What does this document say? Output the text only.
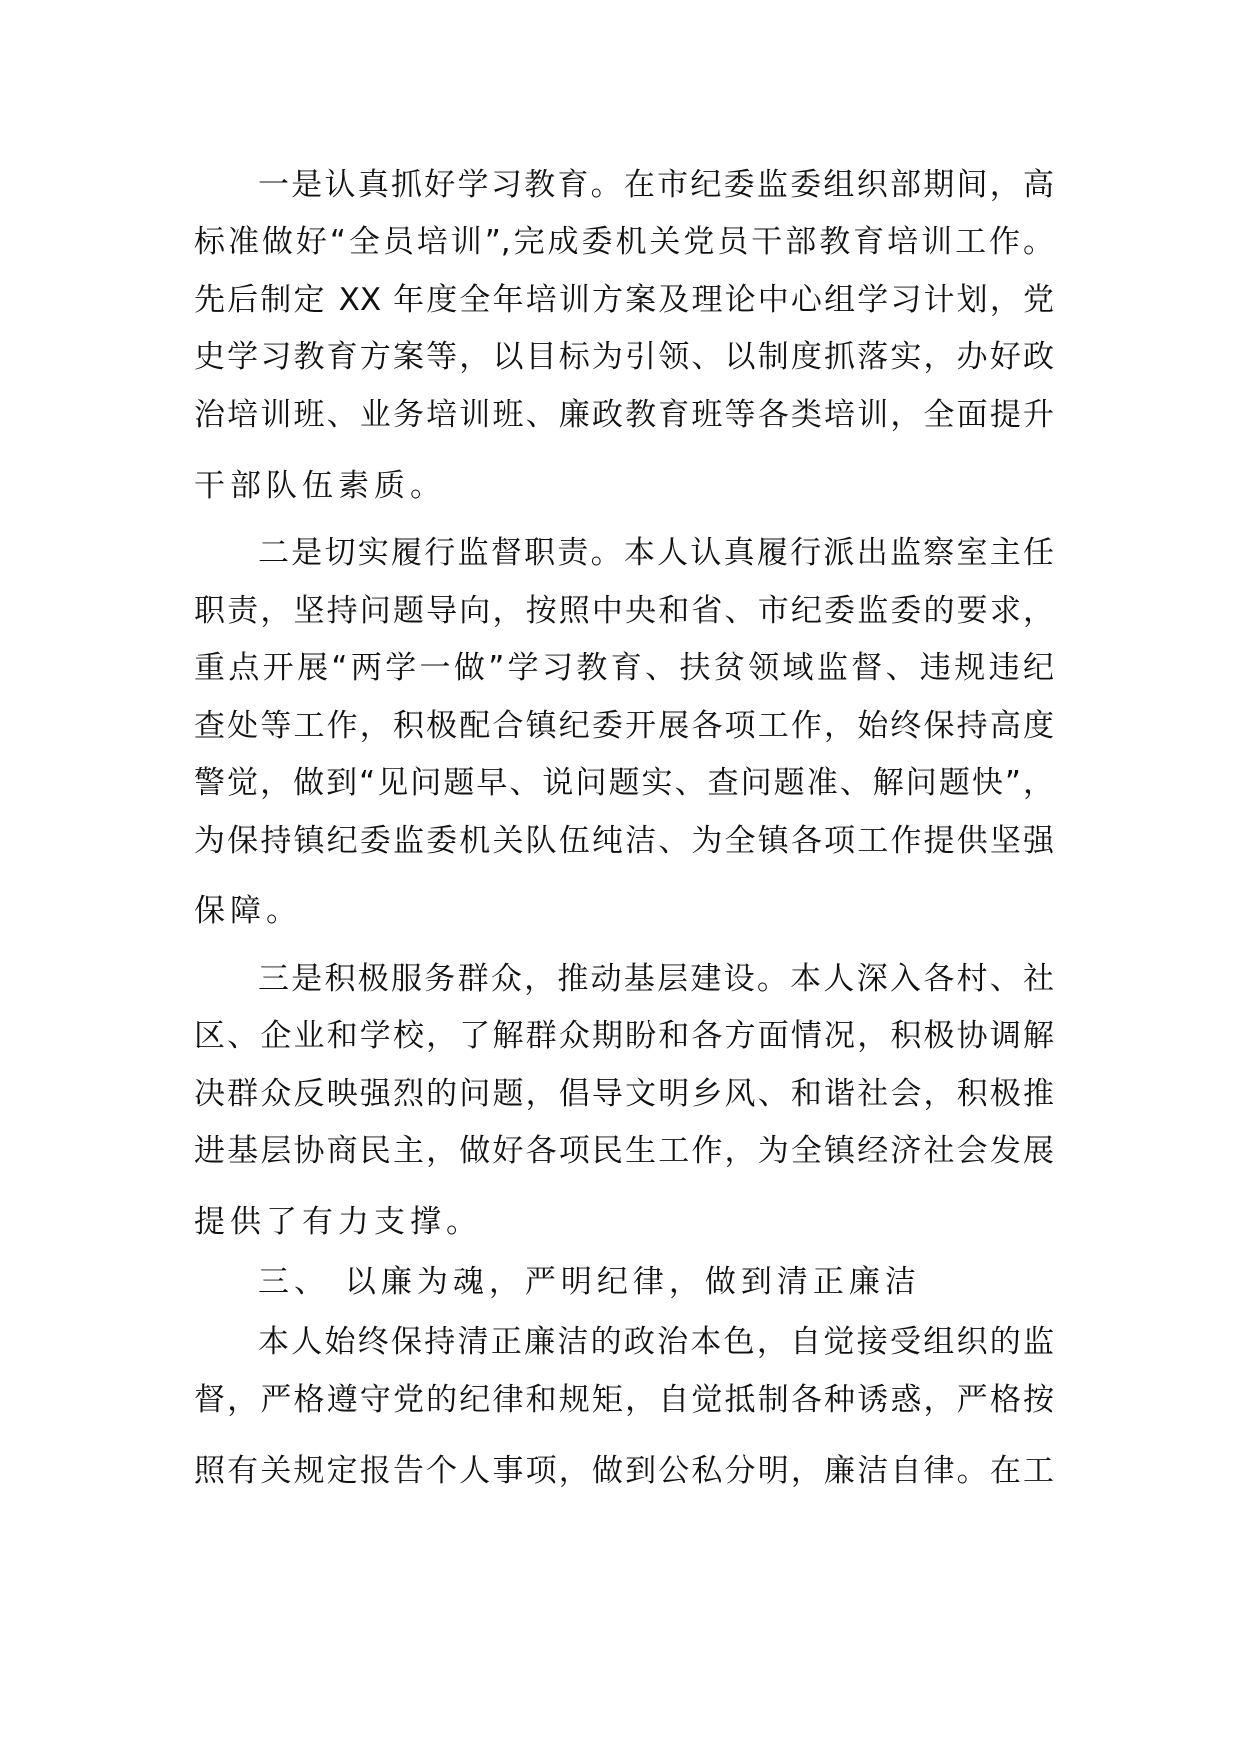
一是认真抓好学习教育。在市纪委监委组织部期间，高
标准做好“全员培训”,完成委机关党员干部教育培训工作。
先后制定 XX 年度全年培训方案及理论中心组学习计划，党
史学习教育方案等，以目标为引领、以制度抓落实，办好政
治培训班、业务培训班、廉政教育班等各类培训，全面提升
干部队伍素质。
二是切实履行监督职责。本人认真履行派出监察室主任
职责，坚持问题导向，按照中央和省、市纪委监委的要求，
重点开展“两学一做”学习教育、扶贫领域监督、违规违纪
查处等工作，积极配合镇纪委开展各项工作，始终保持高度
警觉，做到“见问题早、说问题实、查问题准、解问题快”，
为保持镇纪委监委机关队伍纯洁、为全镇各项工作提供坚强
保障。
三是积极服务群众，推动基层建设。本人深入各村、社
区、企业和学校，了解群众期盼和各方面情况，积极协调解
决群众反映强烈的问题，倡导文明乡风、和谐社会，积极推
进基层协商民主，做好各项民生工作，为全镇经济社会发展
提供了有力支撑。
三、 以廉为魂，严明纪律，做到清正廉洁
本人始终保持清正廉洁的政治本色，自觉接受组织的监
督，严格遵守党的纪律和规矩，自觉抵制各种诱惑，严格按
照有关规定报告个人事项，做到公私分明，廉洁自律。在工
